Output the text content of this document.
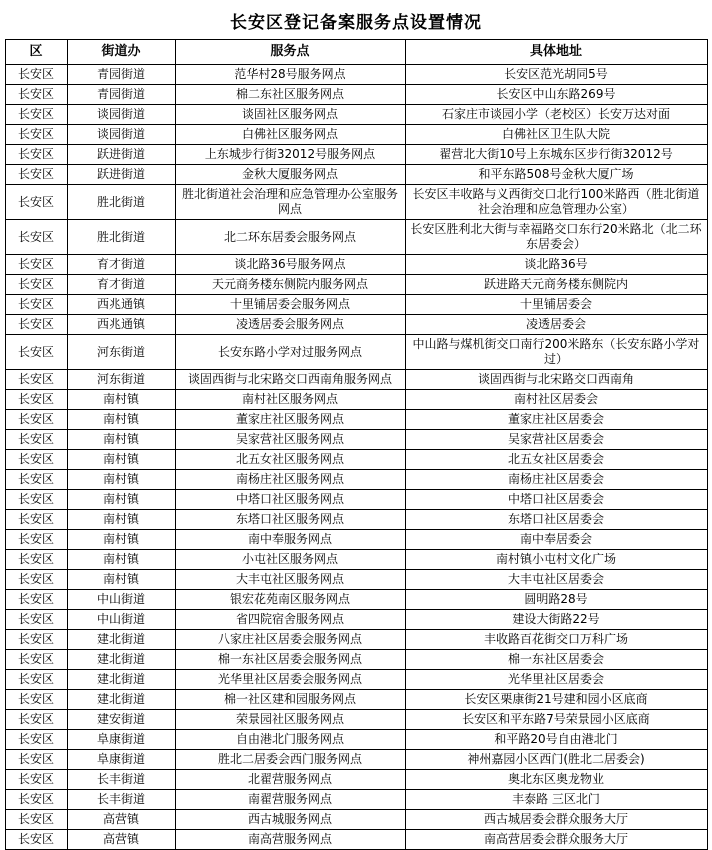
长安区登记备案服务点设置情况
区	街道办	服务点	具体地址
长安区	青园街道	范华村28号服务网点	长安区范光胡同5号
长安区	青园街道	棉二东社区服务网点	长安区中山东路269号
长安区	谈园街道	谈固社区服务网点	石家庄市谈园小学（老校区）长安万达对面
长安区	谈园街道	白佛社区服务网点	白佛社区卫生队大院
长安区	跃进街道	上东城步行街32012号服务网点	翟营北大街10号上东城东区步行街32012号
长安区	跃进街道	金秋大厦服务网点	和平东路508号金秋大厦广场
长安区	胜北街道	胜北街道社会治理和应急管理办公室服务网点	长安区丰收路与义西街交口北行100米路西（胜北街道社会治理和应急管理办公室）
长安区	胜北街道	北二环东居委会服务网点	长安区胜利北大街与幸福路交口东行20米路北（北二环东居委会）
长安区	育才街道	谈北路36号服务网点	谈北路36号
长安区	育才街道	天元商务楼东侧院内服务网点	跃进路天元商务楼东侧院内
长安区	西兆通镇	十里铺居委会服务网点	十里铺居委会
长安区	西兆通镇	凌透居委会服务网点	凌透居委会
长安区	河东街道	长安东路小学对过服务网点	中山路与煤机街交口南行200米路东（长安东路小学对过）
长安区	河东街道	谈固西街与北宋路交口西南角服务网点	谈固西街与北宋路交口西南角
长安区	南村镇	南村社区服务网点	南村社区居委会
长安区	南村镇	董家庄社区服务网点	董家庄社区居委会
长安区	南村镇	吴家营社区服务网点	吴家营社区居委会
长安区	南村镇	北五女社区服务网点	北五女社区居委会
长安区	南村镇	南杨庄社区服务网点	南杨庄社区居委会
长安区	南村镇	中塔口社区服务网点	中塔口社区居委会
长安区	南村镇	东塔口社区服务网点	东塔口社区居委会
长安区	南村镇	南中奉服务网点	南中奉居委会
长安区	南村镇	小屯社区服务网点	南村镇小屯村文化广场
长安区	南村镇	大丰屯社区服务网点	大丰屯社区居委会
长安区	中山街道	银宏花苑南区服务网点	圆明路28号
长安区	中山街道	省四院宿舍服务网点	建设大街路22号
长安区	建北街道	八家庄社区居委会服务网点	丰收路百花街交口万科广场
长安区	建北街道	棉一东社区居委会服务网点	棉一东社区居委会
长安区	建北街道	光华里社区居委会服务网点	光华里社区居委会
长安区	建北街道	棉一社区建和园服务网点	长安区栗康街21号建和园小区底商
长安区	建安街道	荣景园社区服务网点	长安区和平东路7号荣景园小区底商
长安区	阜康街道	自由港北门服务网点	和平路20号自由港北门
长安区	阜康街道	胜北二居委会西门服务网点	神州嘉园小区西门(胜北二居委会)
长安区	长丰街道	北翟营服务网点	奥北东区奥龙物业
长安区	长丰街道	南翟营服务网点	丰泰路 三区北门
长安区	高营镇	西古城服务网点	西古城居委会群众服务大厅
长安区	高营镇	南高营服务网点	南高营居委会群众服务大厅
